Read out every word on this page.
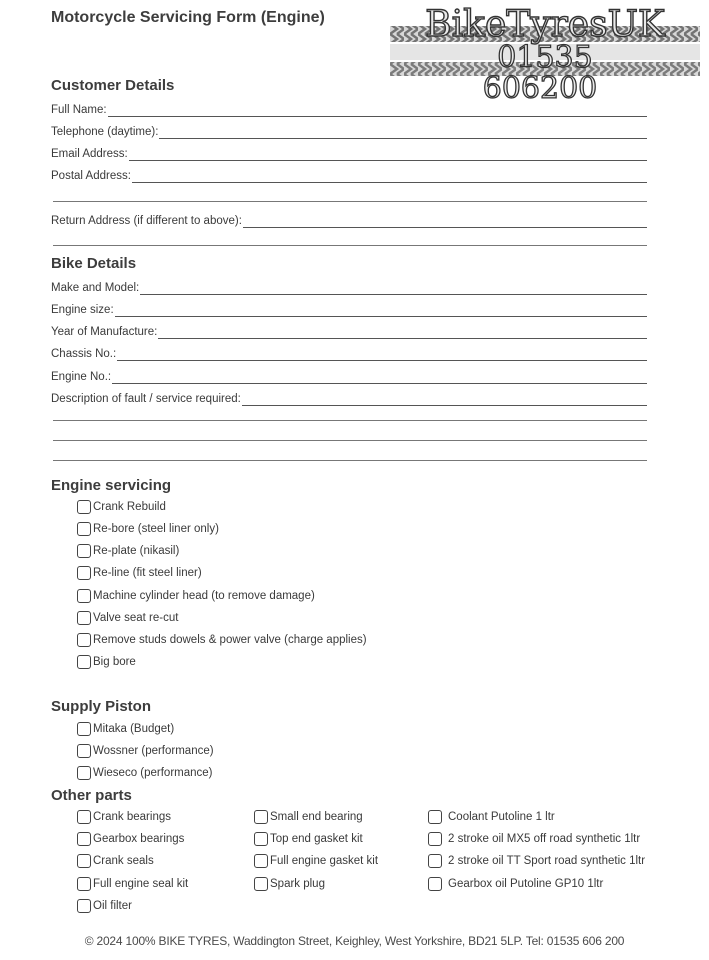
Motorcycle Servicing Form (Engine)	BikeTyresUK
01535
606200
Customer Details
Full Name:
Telephone (daytime):
Email Address:
Postal Address:
Return Address (if different to above):
Bike Details
Make and Model:
Engine size:
Year of Manufacture:
Chassis No.:
Engine No.:
Description of fault / service required:
Engine servicing
Crank Rebuild
Re-bore (steel liner only)
Re-plate (nikasil)
Re-line (fit steel liner)
Machine cylinder head (to remove damage)
Valve seat re-cut
Remove studs dowels & power valve (charge applies)
Big bore
Supply Piston
Mitaka (Budget)
Wossner (performance)
Wieseco (performance)
Other parts
Crank bearings
Gearbox bearings
Crank seals
Full engine seal kit
Oil filter
Small end bearing
Top end gasket kit
Full engine gasket kit
Spark plug
Coolant Putoline 1 ltr
2 stroke oil MX5 off road synthetic 1ltr
2 stroke oil TT Sport road synthetic 1ltr
Gearbox oil Putoline GP10 1ltr
© 2024 100% BIKE TYRES, Waddington Street, Keighley, West Yorkshire, BD21 5LP. Tel: 01535 606 200
